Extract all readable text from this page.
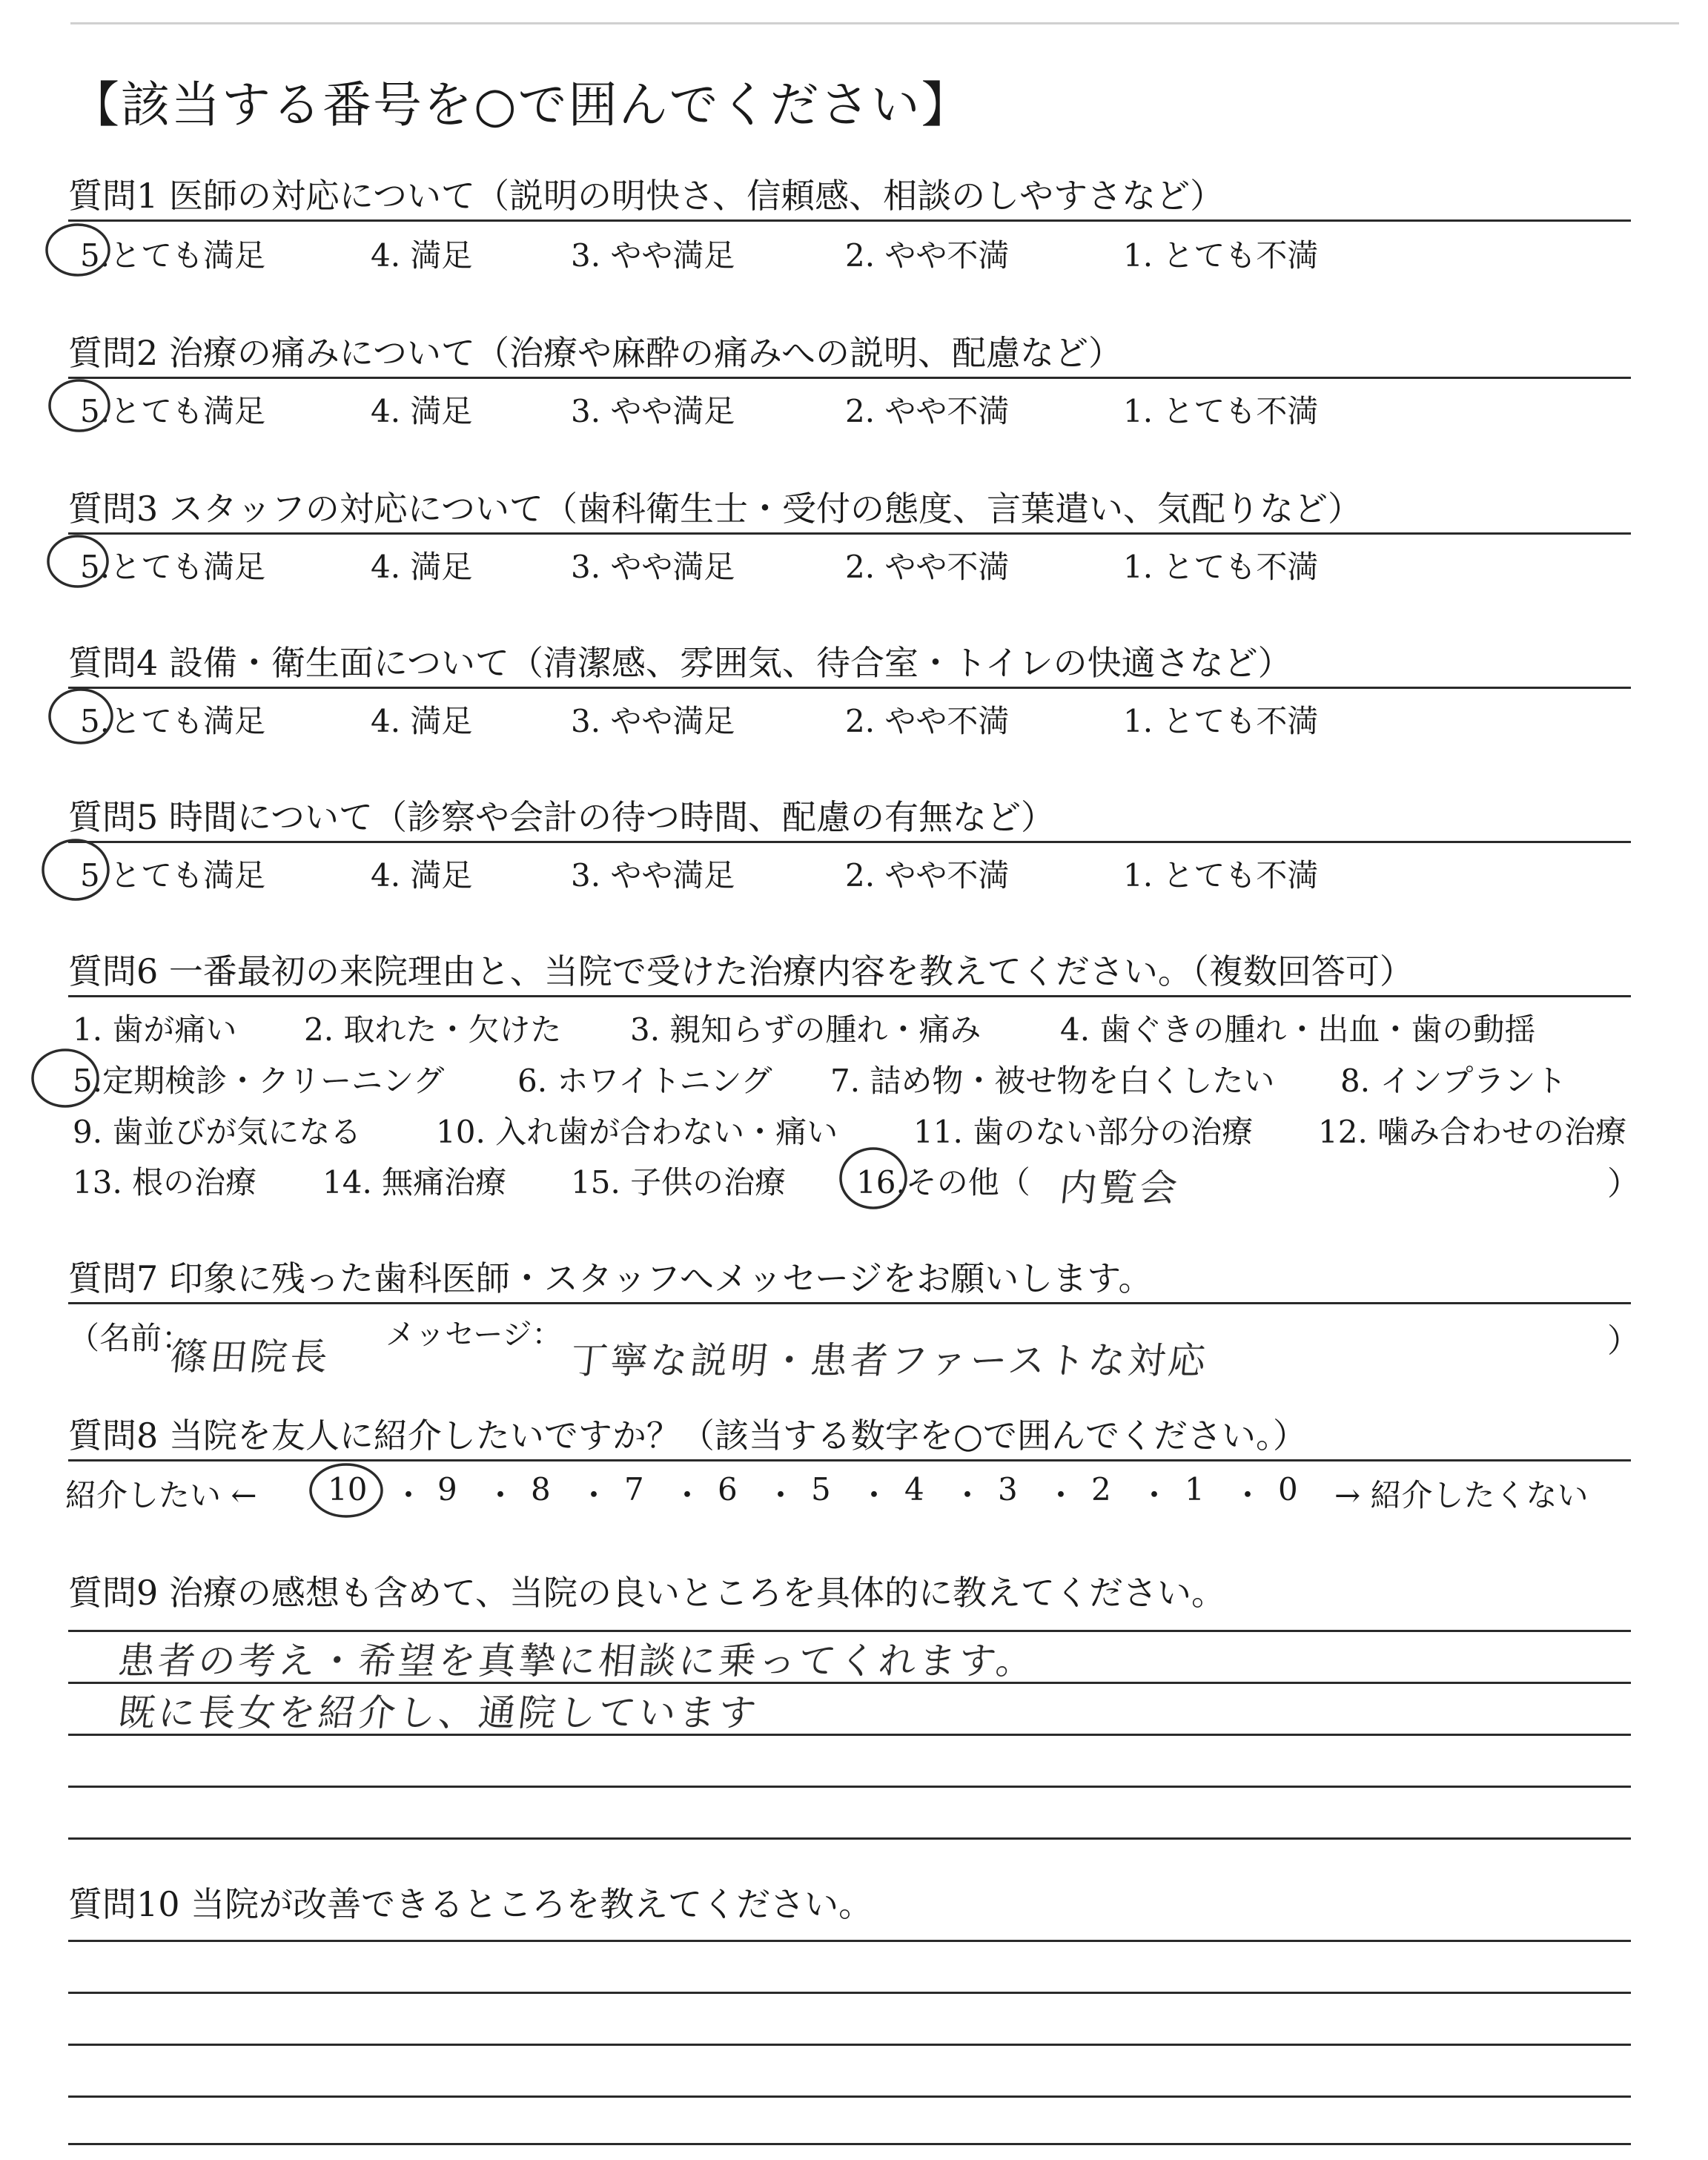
【該当する番号を○で囲んでください】
質問1 医師の対応について（説明の明快さ、信頼感、相談のしやすさなど）
5.とても満足	4. 満足	3. やや満足	2. やや不満	1. とても不満
質問2 治療の痛みについて（治療や麻酔の痛みへの説明、配慮など）
5.とても満足	4. 満足	3. やや満足	2. やや不満	1. とても不満
質問3 スタッフの対応について（歯科衛生士・受付の態度、言葉遣い、気配りなど）
5.とても満足	4. 満足	3. やや満足	2. やや不満	1. とても不満
質問4 設備・衛生面について（清潔感、雰囲気、待合室・トイレの快適さなど）
5.とても満足	4. 満足	3. やや満足	2. やや不満	1. とても不満
質問5 時間について（診察や会計の待つ時間、配慮の有無など）
5 とても満足	4. 満足	3. やや満足	2. やや不満	1. とても不満
質問6 一番最初の来院理由と、当院で受けた治療内容を教えてください。（複数回答可）
1. 歯が痛い 2. 取れた・欠けた 3. 親知らずの腫れ・痛み	4. 歯ぐきの腫れ・出血・歯の動揺
5.定期検診・クリーニング 6. ホワイトニング 7. 詰め物・被せ物を白くしたい 8. インプラント
9. 歯並びが気になる 10. 入れ歯が合わない・痛い 11. 歯のない部分の治療 12. 噛み合わせの治療
13. 根の治療 14. 無痛治療 15. 子供の治療 16.その他（ 内覧会	）
質問7 印象に残った歯科医師・スタッフへメッセージをお願いします。
（名前：
篠田院長
メッセージ：
丁寧な説明・患者ファーストな対応	）
質問8 当院を友人に紹介したいですか？（該当する数字を○で囲んでください。）
紹介したい ← 10 ・ 9 ・ 8 ・ 7 ・ 6 ・ 5 ・ 4 ・ 3 ・ 2 ・ 1 ・ 0 → 紹介したくない
質問9 治療の感想も含めて、当院の良いところを具体的に教えてください。
患者の考え・希望を真摯に相談に乗ってくれます。
既に長女を紹介し、通院しています
質問10 当院が改善できるところを教えてください。
